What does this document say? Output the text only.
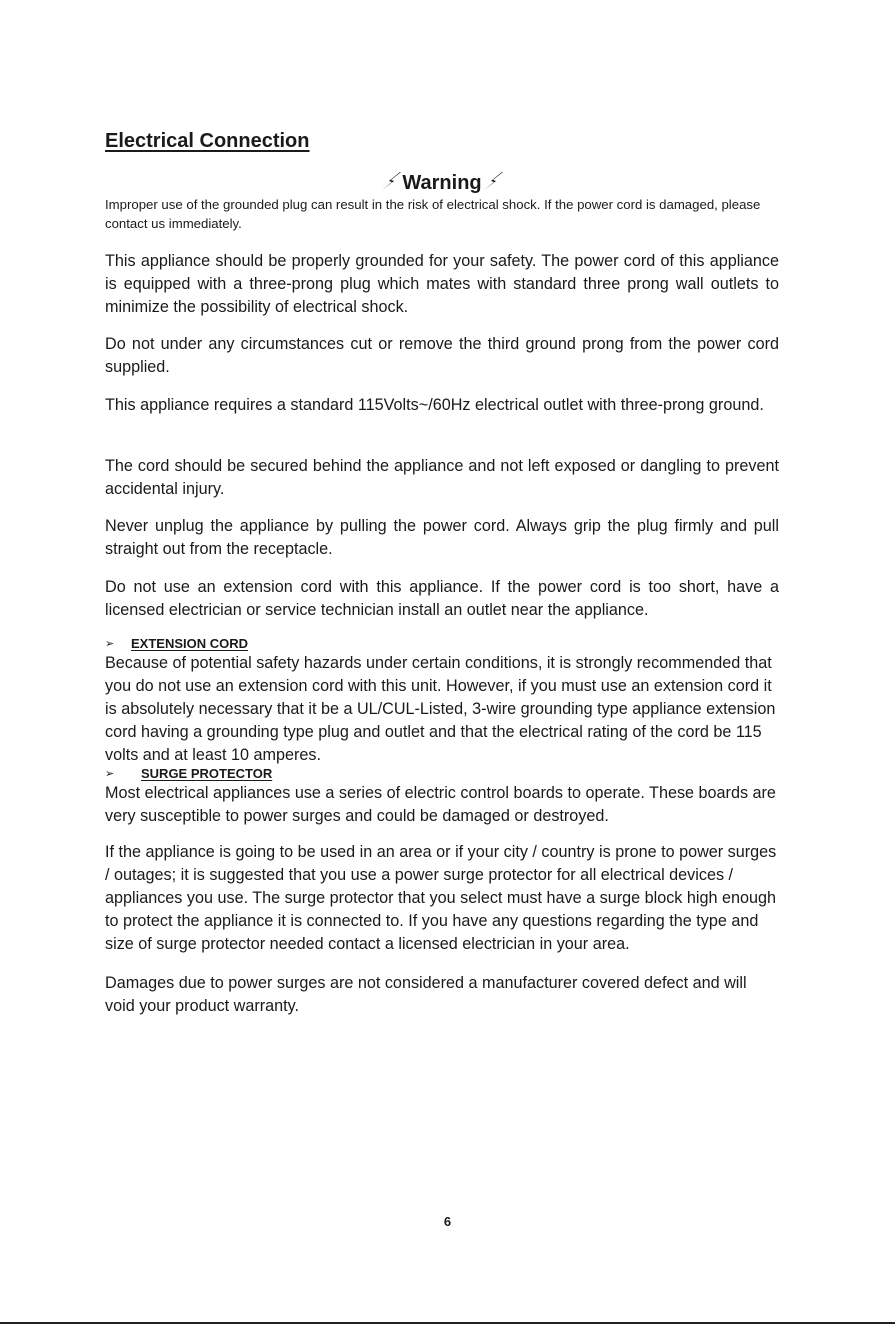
Electrical Connection
Warning

Improper use of the grounded plug can result in the risk of electrical shock. If the power cord is damaged, please contact us immediately.

This appliance should be properly grounded for your safety. The power cord of this appliance is equipped with a three-prong plug which mates with standard three prong wall outlets to minimize the possibility of electrical shock.

Do not under any circumstances cut or remove the third ground prong from the power cord supplied.

This appliance requires a standard 115Volts~/60Hz electrical outlet with three-prong ground.

The cord should be secured behind the appliance and not left exposed or dangling to prevent accidental injury.

Never unplug the appliance by pulling the power cord. Always grip the plug firmly and pull straight out from the receptacle.

Do not use an extension cord with this appliance. If the power cord is too short, have a licensed electrician or service technician install an outlet near the appliance.

➢ EXTENSION CORD

Because of potential safety hazards under certain conditions, it is strongly recommended that you do not use an extension cord with this unit. However, if you must use an extension cord it is absolutely necessary that it be a UL/CUL-Listed, 3-wire grounding type appliance extension cord having a grounding type plug and outlet and that the electrical rating of the cord be 115 volts and at least 10 amperes.

➢ SURGE PROTECTOR

Most electrical appliances use a series of electric control boards to operate. These boards are very susceptible to power surges and could be damaged or destroyed.

If the appliance is going to be used in an area or if your city / country is prone to power surges / outages; it is suggested that you use a power surge protector for all electrical devices / appliances you use. The surge protector that you select must have a surge block high enough to protect the appliance it is connected to. If you have any questions regarding the type and size of surge protector needed contact a licensed electrician in your area.

Damages due to power surges are not considered a manufacturer covered defect and will void your product warranty.

6
